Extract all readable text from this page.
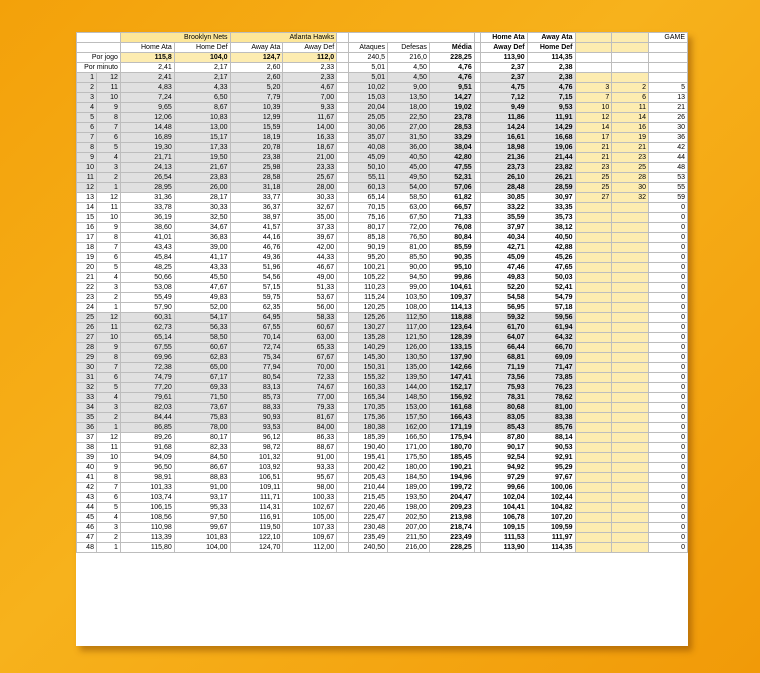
		Brooklyn Nets		Atlanta Hawks							Home Ata	Away Ata			GAME
		Home Ata	Home Def	Away Ata	Away Def		Ataques	Defesas	Média		Away Def	Home Def			
Por jogo		115,8	104,0	124,7	112,0		240,5	216,0	228,25		113,90	114,35			
Por minuto		2,41	2,17	2,60	2,33		5,01	4,50	4,76		2,37	2,38			
1	12	2,41	2,17	2,60	2,33		5,01	4,50	4,76		2,37	2,38			
2	11	4,83	4,33	5,20	4,67		10,02	9,00	9,51		4,75	4,76	3	2	5
3	10	7,24	6,50	7,79	7,00		15,03	13,50	14,27		7,12	7,15	7	6	13
4	9	9,65	8,67	10,39	9,33		20,04	18,00	19,02		9,49	9,53	10	11	21
5	8	12,06	10,83	12,99	11,67		25,05	22,50	23,78		11,86	11,91	12	14	26
6	7	14,48	13,00	15,59	14,00		30,06	27,00	28,53		14,24	14,29	14	16	30
7	6	16,89	15,17	18,19	16,33		35,07	31,50	33,29		16,61	16,68	17	19	36
8	5	19,30	17,33	20,78	18,67		40,08	36,00	38,04		18,98	19,06	21	21	42
9	4	21,71	19,50	23,38	21,00		45,09	40,50	42,80		21,36	21,44	21	23	44
10	3	24,13	21,67	25,98	23,33		50,10	45,00	47,55		23,73	23,82	23	25	48
11	2	26,54	23,83	28,58	25,67		55,11	49,50	52,31		26,10	26,21	25	28	53
12	1	28,95	26,00	31,18	28,00		60,13	54,00	57,06		28,48	28,59	25	30	55
13	12	31,36	28,17	33,77	30,33		65,14	58,50	61,82		30,85	30,97	27	32	59
14	11	33,78	30,33	36,37	32,67		70,15	63,00	66,57		33,22	33,35			0
15	10	36,19	32,50	38,97	35,00		75,16	67,50	71,33		35,59	35,73			0
16	9	38,60	34,67	41,57	37,33		80,17	72,00	76,08		37,97	38,12			0
17	8	41,01	36,83	44,16	39,67		85,18	76,50	80,84		40,34	40,50			0
18	7	43,43	39,00	46,76	42,00		90,19	81,00	85,59		42,71	42,88			0
19	6	45,84	41,17	49,36	44,33		95,20	85,50	90,35		45,09	45,26			0
20	5	48,25	43,33	51,96	46,67		100,21	90,00	95,10		47,46	47,65			0
21	4	50,66	45,50	54,56	49,00		105,22	94,50	99,86		49,83	50,03			0
22	3	53,08	47,67	57,15	51,33		110,23	99,00	104,61		52,20	52,41			0
23	2	55,49	49,83	59,75	53,67		115,24	103,50	109,37		54,58	54,79			0
24	1	57,90	52,00	62,35	56,00		120,25	108,00	114,13		56,95	57,18			0
25	12	60,31	54,17	64,95	58,33		125,26	112,50	118,88		59,32	59,56			0
26	11	62,73	56,33	67,55	60,67		130,27	117,00	123,64		61,70	61,94			0
27	10	65,14	58,50	70,14	63,00		135,28	121,50	128,39		64,07	64,32			0
28	9	67,55	60,67	72,74	65,33		140,29	126,00	133,15		66,44	66,70			0
29	8	69,96	62,83	75,34	67,67		145,30	130,50	137,90		68,81	69,09			0
30	7	72,38	65,00	77,94	70,00		150,31	135,00	142,66		71,19	71,47			0
31	6	74,79	67,17	80,54	72,33		155,32	139,50	147,41		73,56	73,85			0
32	5	77,20	69,33	83,13	74,67		160,33	144,00	152,17		75,93	76,23			0
33	4	79,61	71,50	85,73	77,00		165,34	148,50	156,92		78,31	78,62			0
34	3	82,03	73,67	88,33	79,33		170,35	153,00	161,68		80,68	81,00			0
35	2	84,44	75,83	90,93	81,67		175,36	157,50	166,43		83,05	83,38			0
36	1	86,85	78,00	93,53	84,00		180,38	162,00	171,19		85,43	85,76			0
37	12	89,26	80,17	96,12	86,33		185,39	166,50	175,94		87,80	88,14			0
38	11	91,68	82,33	98,72	88,67		190,40	171,00	180,70		90,17	90,53			0
39	10	94,09	84,50	101,32	91,00		195,41	175,50	185,45		92,54	92,91			0
40	9	96,50	86,67	103,92	93,33		200,42	180,00	190,21		94,92	95,29			0
41	8	98,91	88,83	106,51	95,67		205,43	184,50	194,96		97,29	97,67			0
42	7	101,33	91,00	109,11	98,00		210,44	189,00	199,72		99,66	100,06			0
43	6	103,74	93,17	111,71	100,33		215,45	193,50	204,47		102,04	102,44			0
44	5	106,15	95,33	114,31	102,67		220,46	198,00	209,23		104,41	104,82			0
45	4	108,56	97,50	116,91	105,00		225,47	202,50	213,98		106,78	107,20			0
46	3	110,98	99,67	119,50	107,33		230,48	207,00	218,74		109,15	109,59			0
47	2	113,39	101,83	122,10	109,67		235,49	211,50	223,49		111,53	111,97			0
48	1	115,80	104,00	124,70	112,00		240,50	216,00	228,25		113,90	114,35			0
